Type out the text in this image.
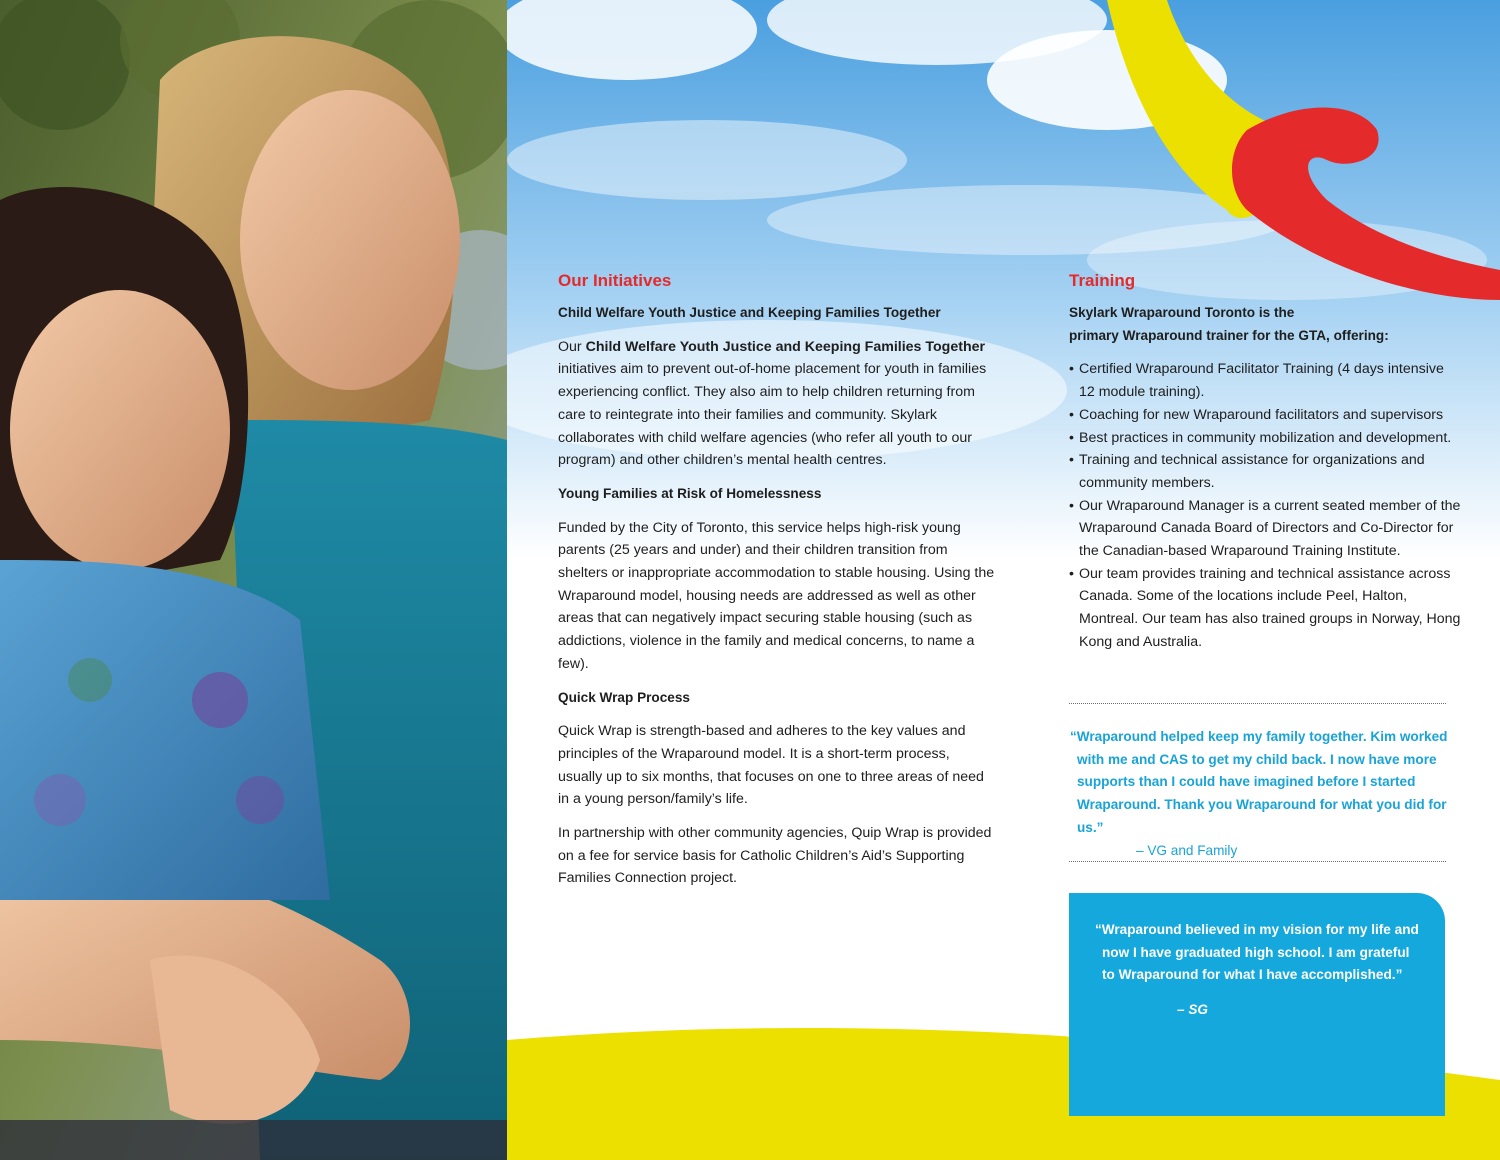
Our Initiatives
Child Welfare Youth Justice and Keeping Families Together

Our Child Welfare Youth Justice and Keeping Families Together initiatives aim to prevent out-of-home placement for youth in families experiencing conflict. They also aim to help children returning from care to reintegrate into their families and community. Skylark collaborates with child welfare agencies (who refer all youth to our program) and other children’s mental health centres.

Young Families at Risk of Homelessness

Funded by the City of Toronto, this service helps high-risk young parents (25 years and under) and their children transition from shelters or inappropriate accommodation to stable housing. Using the Wraparound model, housing needs are addressed as well as other areas that can negatively impact securing stable housing (such as addictions, violence in the family and medical concerns, to name a few).

Quick Wrap Process

Quick Wrap is strength-based and adheres to the key values and principles of the Wraparound model. It is a short-term process, usually up to six months, that focuses on one to three areas of need in a young person/family’s life.

In partnership with other community agencies, Quip Wrap is provided on a fee for service basis for Catholic Children’s Aid’s Supporting Families Connection project.

Training
Skylark Wraparound Toronto is the
primary Wraparound trainer for the GTA, offering:
• Certified Wraparound Facilitator Training (4 days intensive 12 module training).
• Coaching for new Wraparound facilitators and supervisors
• Best practices in community mobilization and development.
• Training and technical assistance for organizations and community members.
• Our Wraparound Manager is a current seated member of the Wraparound Canada Board of Directors and Co-Director for the Canadian-based Wraparound Training Institute.
• Our team provides training and technical assistance across Canada. Some of the locations include Peel, Halton, Montreal. Our team has also trained groups in Norway, Hong Kong and Australia.
“Wraparound helped keep my family together. Kim worked with me and CAS to get my child back. I now have more supports than I could have imagined before I started Wraparound. Thank you Wraparound for what you did for us.”
– VG and Family
“Wraparound believed in my vision for my life and now I have graduated high school. I am grateful to Wraparound for what I have accomplished.”
– SG
